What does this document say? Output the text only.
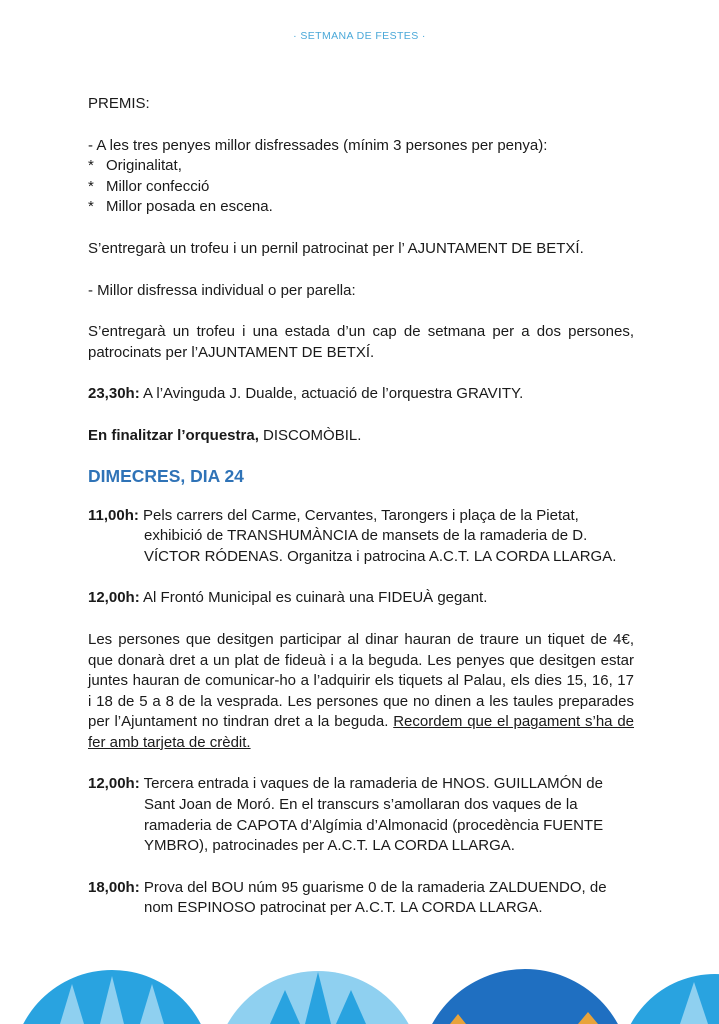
· SETMANA DE FESTES ·

PREMIS:

- A les tres penyes millor disfressades (mínim 3 persones per penya):

* Originalitat,
* Millor confecció
* Millor posada en escena.

S’entregarà un trofeu i un pernil patrocinat per l’ AJUNTAMENT DE BETXÍ.

- Millor disfressa individual o per parella:

S’entregarà un trofeu i una estada d’un cap de setmana per a dos persones, patrocinats per l’AJUNTAMENT DE BETXÍ.

23,30h: A l’Avinguda J. Dualde, actuació de l’orquestra GRAVITY.

En finalitzar l’orquestra, DISCOMÒBIL.

DIMECRES, DIA 24

11,00h: Pels carrers del Carme, Cervantes, Tarongers i plaça de la Pietat,

exhibició de TRANSHUMÀNCIA de mansets de la ramaderia de D.

VÍCTOR RÓDENAS. Organitza i patrocina A.C.T. LA CORDA LLARGA.

12,00h: Al Frontó Municipal es cuinarà una FIDEUÀ gegant.

Les persones que desitgen participar al dinar hauran de traure un tiquet de 4€, que donarà dret a un plat de fideuà i a la beguda. Les penyes que desitgen estar juntes hauran de comunicar-ho a l’adquirir els tiquets al Palau, els dies 15, 16, 17 i 18 de 5 a 8 de la vesprada. Les persones que no dinen a les taules preparades per l’Ajuntament no tindran dret a la beguda. Recordem que el pagament s’ha de fer amb tarjeta de crèdit.

12,00h: Tercera entrada i vaques de la ramaderia de HNOS. GUILLAMÓN de

Sant Joan de Moró. En el transcurs s’amollaran dos vaques de la

ramaderia de CAPOTA d’Algímia d’Almonacid (procedència FUENTE

YMBRO), patrocinades per A.C.T. LA CORDA LLARGA.

18,00h: Prova del BOU núm 95 guarisme 0 de la ramaderia ZALDUENDO, de

nom ESPINOSO patrocinat per A.C.T. LA CORDA LLARGA.
